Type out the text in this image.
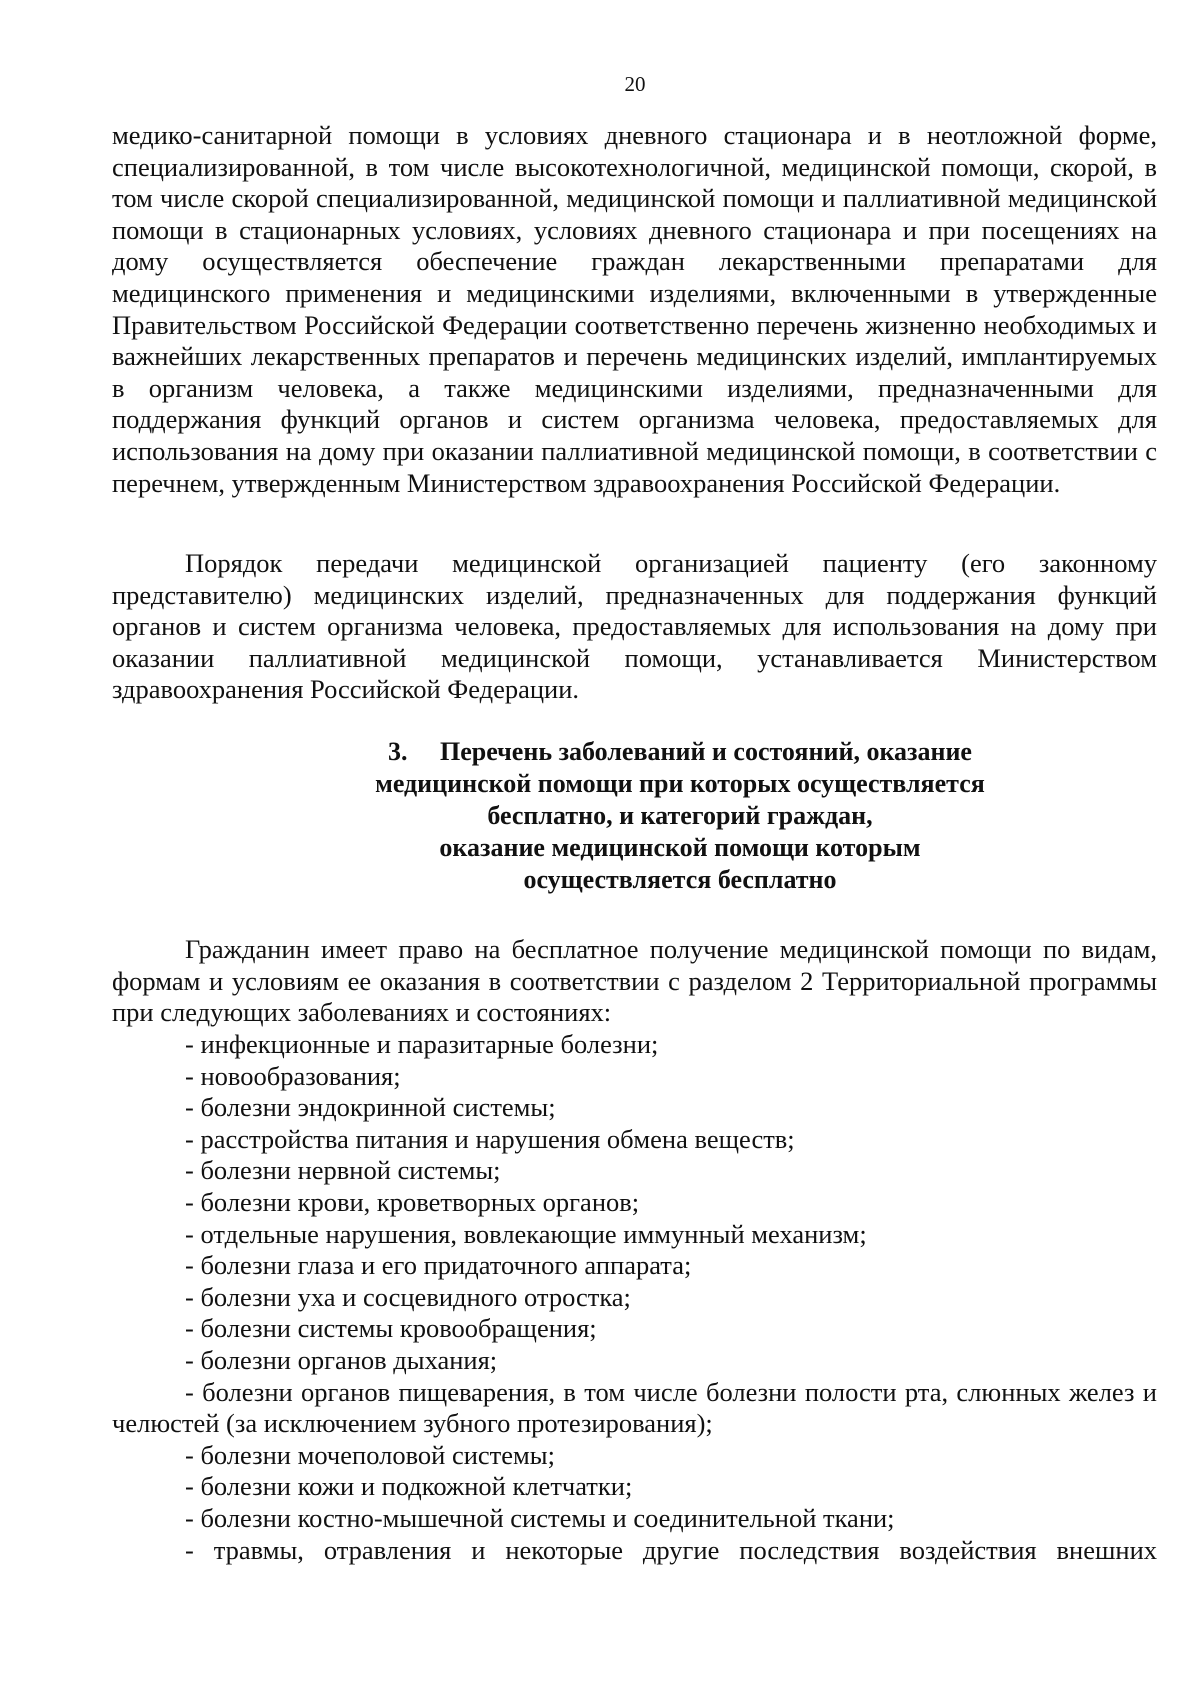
20

медико-санитарной помощи в условиях дневного стационара и в неотложной форме, специализированной, в том числе высокотехнологичной, медицинской помощи, скорой, в том числе скорой специализированной, медицинской помощи и паллиативной медицинской помощи в стационарных условиях, условиях дневного стационара и при посещениях на дому осуществляется обеспечение граждан лекарственными препаратами для медицинского применения и медицинскими изделиями, включенными в утвержденные Правительством Российской Федерации соответственно перечень жизненно необходимых и важнейших лекарственных препаратов и перечень медицинских изделий, имплантируемых в организм человека, а также медицинскими изделиями, предназначенными для поддержания функций органов и систем организма человека, предоставляемых для использования на дому при оказании паллиативной медицинской помощи, в соответствии с перечнем, утвержденным Министерством здравоохранения Российской Федерации.

Порядок передачи медицинской организацией пациенту (его законному представителю) медицинских изделий, предназначенных для поддержания функций органов и систем организма человека, предоставляемых для использования на дому при оказании паллиативной медицинской помощи, устанавливается Министерством здравоохранения Российской Федерации.

3. Перечень заболеваний и состояний, оказание
медицинской помощи при которых осуществляется
бесплатно, и категорий граждан,
оказание медицинской помощи которым
осуществляется бесплатно

Гражданин имеет право на бесплатное получение медицинской помощи по видам, формам и условиям ее оказания в соответствии с разделом 2 Территориальной программы при следующих заболеваниях и состояниях:

- инфекционные и паразитарные болезни;
- новообразования;
- болезни эндокринной системы;
- расстройства питания и нарушения обмена веществ;
- болезни нервной системы;
- болезни крови, кроветворных органов;
- отдельные нарушения, вовлекающие иммунный механизм;
- болезни глаза и его придаточного аппарата;
- болезни уха и сосцевидного отростка;
- болезни системы кровообращения;
- болезни органов дыхания;
- болезни органов пищеварения, в том числе болезни полости рта, слюнных желез и челюстей (за исключением зубного протезирования);
- болезни мочеполовой системы;
- болезни кожи и подкожной клетчатки;
- болезни костно-мышечной системы и соединительной ткани;
- травмы, отравления и некоторые другие последствия воздействия внешних
